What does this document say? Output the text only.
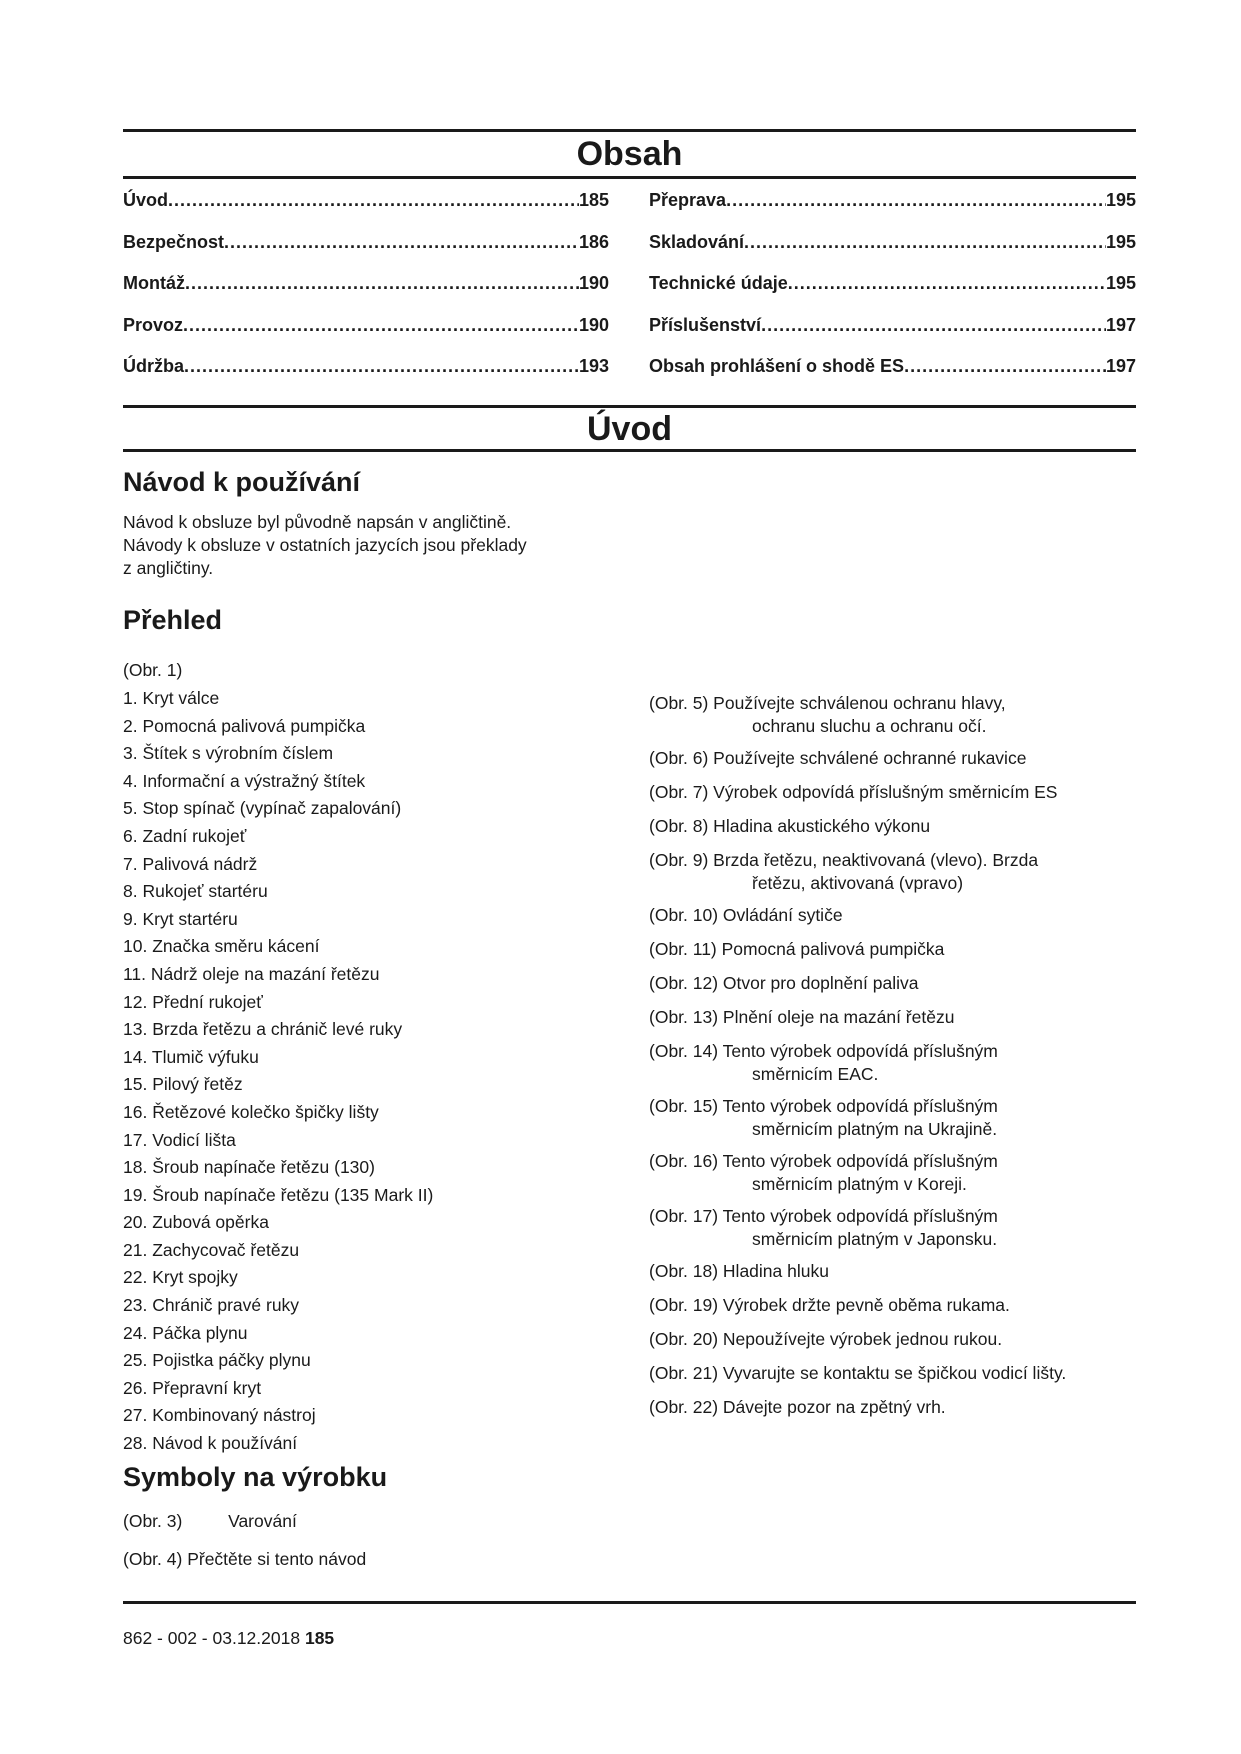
Obsah
Úvod .....	185
Bezpečnost .....	186
Montáž .....	190
Provoz .....	190
Údržba .....	193
Přeprava .....	195
Skladování .....	195
Technické údaje .....	195
Příslušenství .....	197
Obsah prohlášení o shodě ES .....	197
Úvod
Návod k používání
Návod k obsluze byl původně napsán v angličtině.
Návody k obsluze v ostatních jazycích jsou překlady
z angličtiny.
Přehled
(Obr. 1)
1. Kryt válce
2. Pomocná palivová pumpička
3. Štítek s výrobním číslem
4. Informační a výstražný štítek
5. Stop spínač (vypínač zapalování)
6. Zadní rukojeť
7. Palivová nádrž
8. Rukojeť startéru
9. Kryt startéru
10. Značka směru kácení
11. Nádrž oleje na mazání řetězu
12. Přední rukojeť
13. Brzda řetězu a chránič levé ruky
14. Tlumič výfuku
15. Pilový řetěz
16. Řetězové kolečko špičky lišty
17. Vodicí lišta
18. Šroub napínače řetězu (130)
19. Šroub napínače řetězu (135 Mark II)
20. Zubová opěrka
21. Zachycovač řetězu
22. Kryt spojky
23. Chránič pravé ruky
24. Páčka plynu
25. Pojistka páčky plynu
26. Přepravní kryt
27. Kombinovaný nástroj
28. Návod k používání
Symboly na výrobku
(Obr. 3)	Varování
(Obr. 4) Přečtěte si tento návod
(Obr. 5) Používejte schválenou ochranu hlavy,
ochranu sluchu a ochranu očí.
(Obr. 6) Používejte schválené ochranné rukavice
(Obr. 7) Výrobek odpovídá příslušným směrnicím ES
(Obr. 8) Hladina akustického výkonu
(Obr. 9) Brzda řetězu, neaktivovaná (vlevo). Brzda
řetězu, aktivovaná (vpravo)
(Obr. 10) Ovládání sytiče
(Obr. 11) Pomocná palivová pumpička
(Obr. 12) Otvor pro doplnění paliva
(Obr. 13) Plnění oleje na mazání řetězu
(Obr. 14) Tento výrobek odpovídá příslušným
směrnicím EAC.
(Obr. 15) Tento výrobek odpovídá příslušným
směrnicím platným na Ukrajině.
(Obr. 16) Tento výrobek odpovídá příslušným
směrnicím platným v Koreji.
(Obr. 17) Tento výrobek odpovídá příslušným
směrnicím platným v Japonsku.
(Obr. 18) Hladina hluku
(Obr. 19) Výrobek držte pevně oběma rukama.
(Obr. 20) Nepoužívejte výrobek jednou rukou.
(Obr. 21) Vyvarujte se kontaktu se špičkou vodicí lišty.
(Obr. 22) Dávejte pozor na zpětný vrh.
862 - 002 - 03.12.2018 185
